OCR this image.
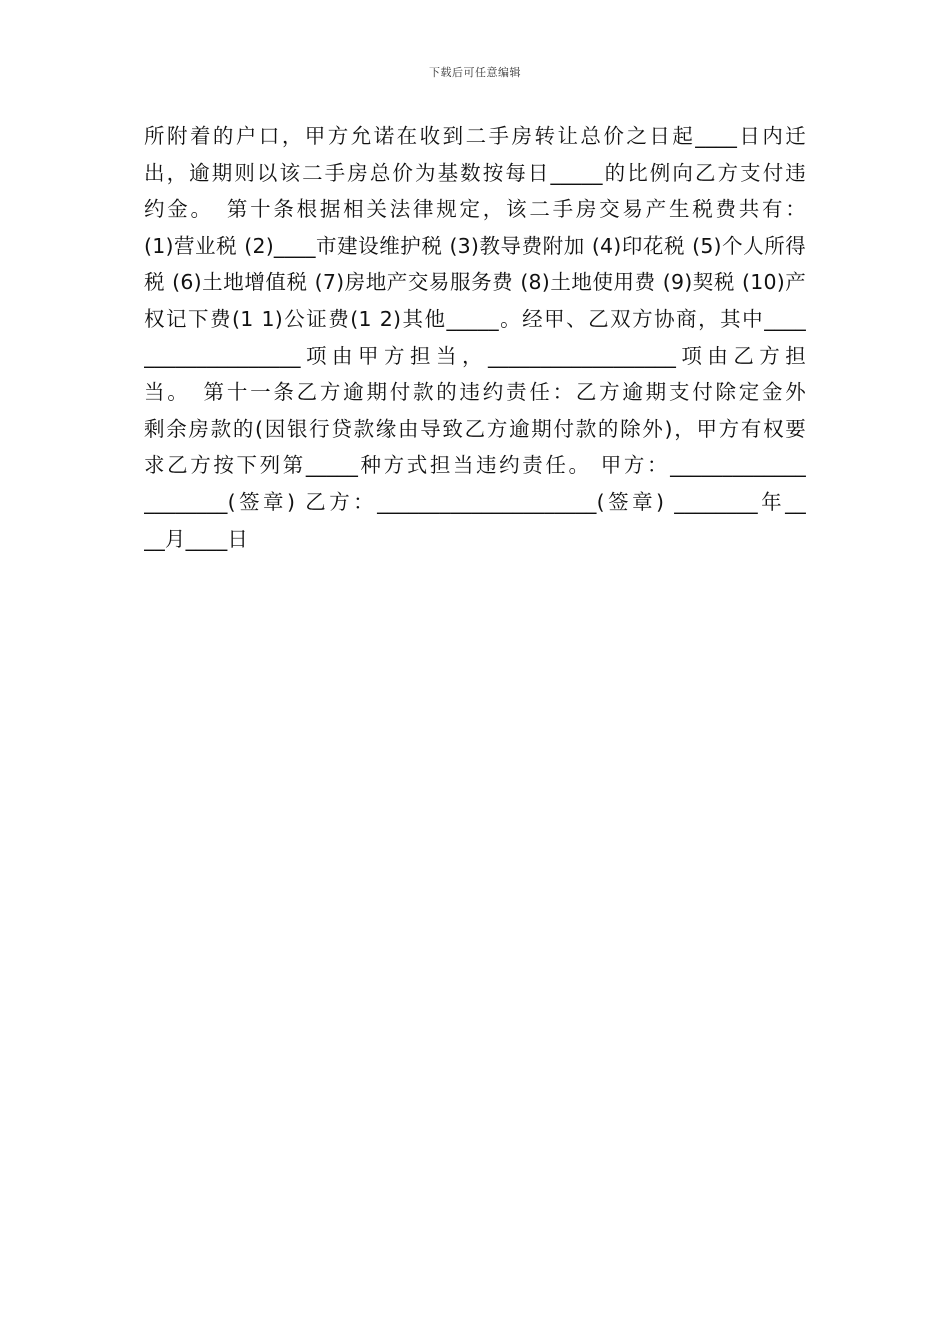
下载后可任意编辑
所附着的户口，甲方允诺在收到二手房转让总价之日起____日内迁
出，逾期则以该二手房总价为基数按每日_____的比例向乙方支付违
约金。　第十条根据相关法律规定，该二手房交易产生税费共有：
(1)营业税 (2)____市建设维护税 (3)教导费附加 (4)印花税 (5)个人所得
税 (6)土地增值税 (7)房地产交易服务费 (8)土地使用费 (9)契税 (10)产
权记下费(1 1)公证费(1 2)其他_____。经甲、乙双方协商，其中____
_______________项由甲方担当，__________________项由乙方担
当。　第十一条乙方逾期付款的违约责任：乙方逾期支付除定金外
剩余房款的(因银行贷款缘由导致乙方逾期付款的除外)，甲方有权要
求乙方按下列第_____种方式担当违约责任。 甲方：_____________
________(签章) 乙方：_____________________(签章) ________年__
__月____日
